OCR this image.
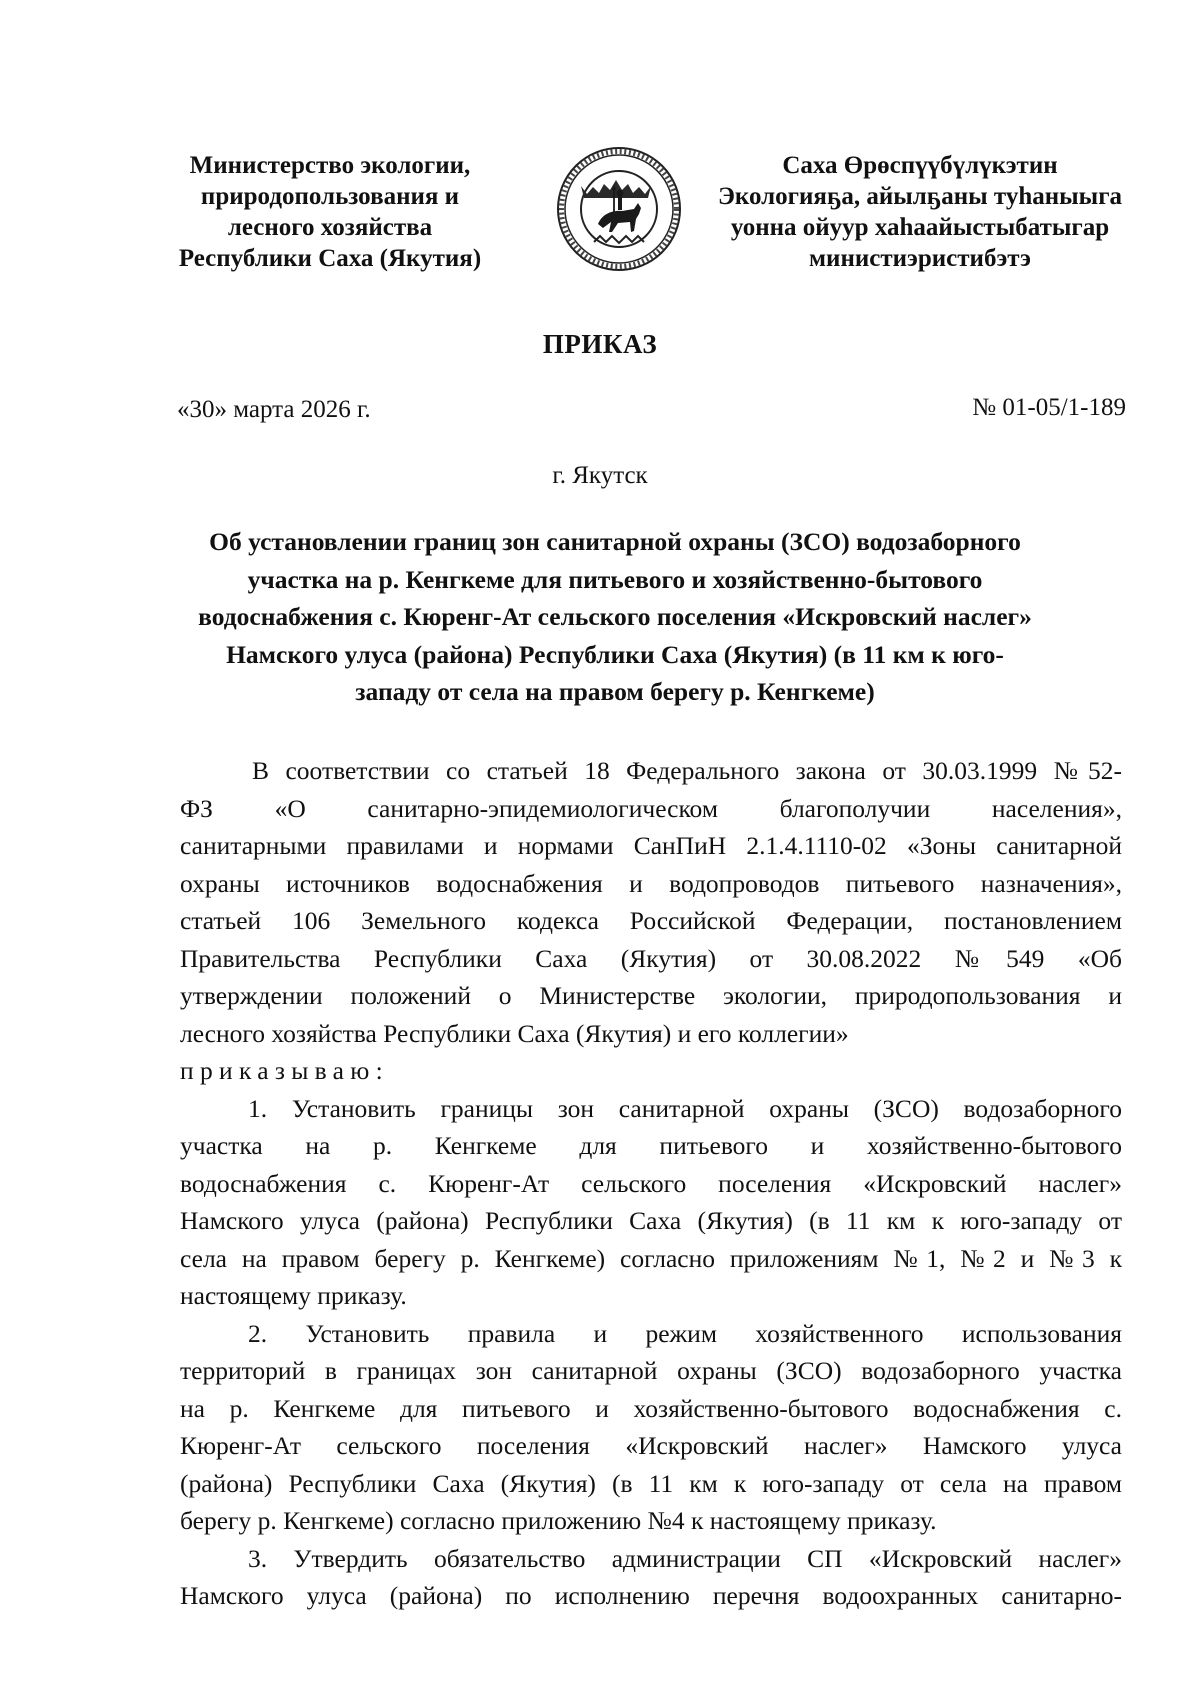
Министерство экологии,
природопользования и
лесного хозяйства
Республики Саха (Якутия)
Саха Өрөспүүбүлүкэтин
Экологияҕа, айылҕаны туһаныыга
уонна ойуур хаһаайыстыбатыгар
министиэристибэтэ
ПРИКАЗ
«30» марта 2026 г.	№ 01-05/1-189
г. Якутск
Об установлении границ зон санитарной охраны (ЗСО) водозаборного
участка на р. Кенгкеме для питьевого и хозяйственно-бытового
водоснабжения с. Кюренг-Ат сельского поселения «Искровский наслег»
Намского улуса (района) Республики Саха (Якутия) (в 11 км к юго-
западу от села на правом берегу р. Кенгкеме)
В соответствии со статьей 18 Федерального закона от 30.03.1999 №52-
ФЗ «О санитарно-эпидемиологическом благополучии населения»,
санитарными правилами и нормами СанПиН 2.1.4.1110-02 «Зоны санитарной
охраны источников водоснабжения и водопроводов питьевого назначения»,
статьей 106 Земельного кодекса Российской Федерации, постановлением
Правительства Республики Саха (Якутия) от 30.08.2022 №549 «Об
утверждении положений о Министерстве экологии, природопользования и
лесного хозяйства Республики Саха (Якутия) и его коллегии»
приказываю:
1. Установить границы зон санитарной охраны (ЗСО) водозаборного
участка на р. Кенгкеме для питьевого и хозяйственно-бытового
водоснабжения с. Кюренг-Ат сельского поселения «Искровский наслег»
Намского улуса (района) Республики Саха (Якутия) (в 11 км к юго-западу от
села на правом берегу р. Кенгкеме) согласно приложениям №1, №2 и №3 к
настоящему приказу.
2. Установить правила и режим хозяйственного использования
территорий в границах зон санитарной охраны (ЗСО) водозаборного участка
на р. Кенгкеме для питьевого и хозяйственно-бытового водоснабжения с.
Кюренг-Ат сельского поселения «Искровский наслег» Намского улуса
(района) Республики Саха (Якутия) (в 11 км к юго-западу от села на правом
берегу р. Кенгкеме) согласно приложению №4 к настоящему приказу.
3. Утвердить обязательство администрации СП «Искровский наслег»
Намского улуса (района) по исполнению перечня водоохранных санитарно-
